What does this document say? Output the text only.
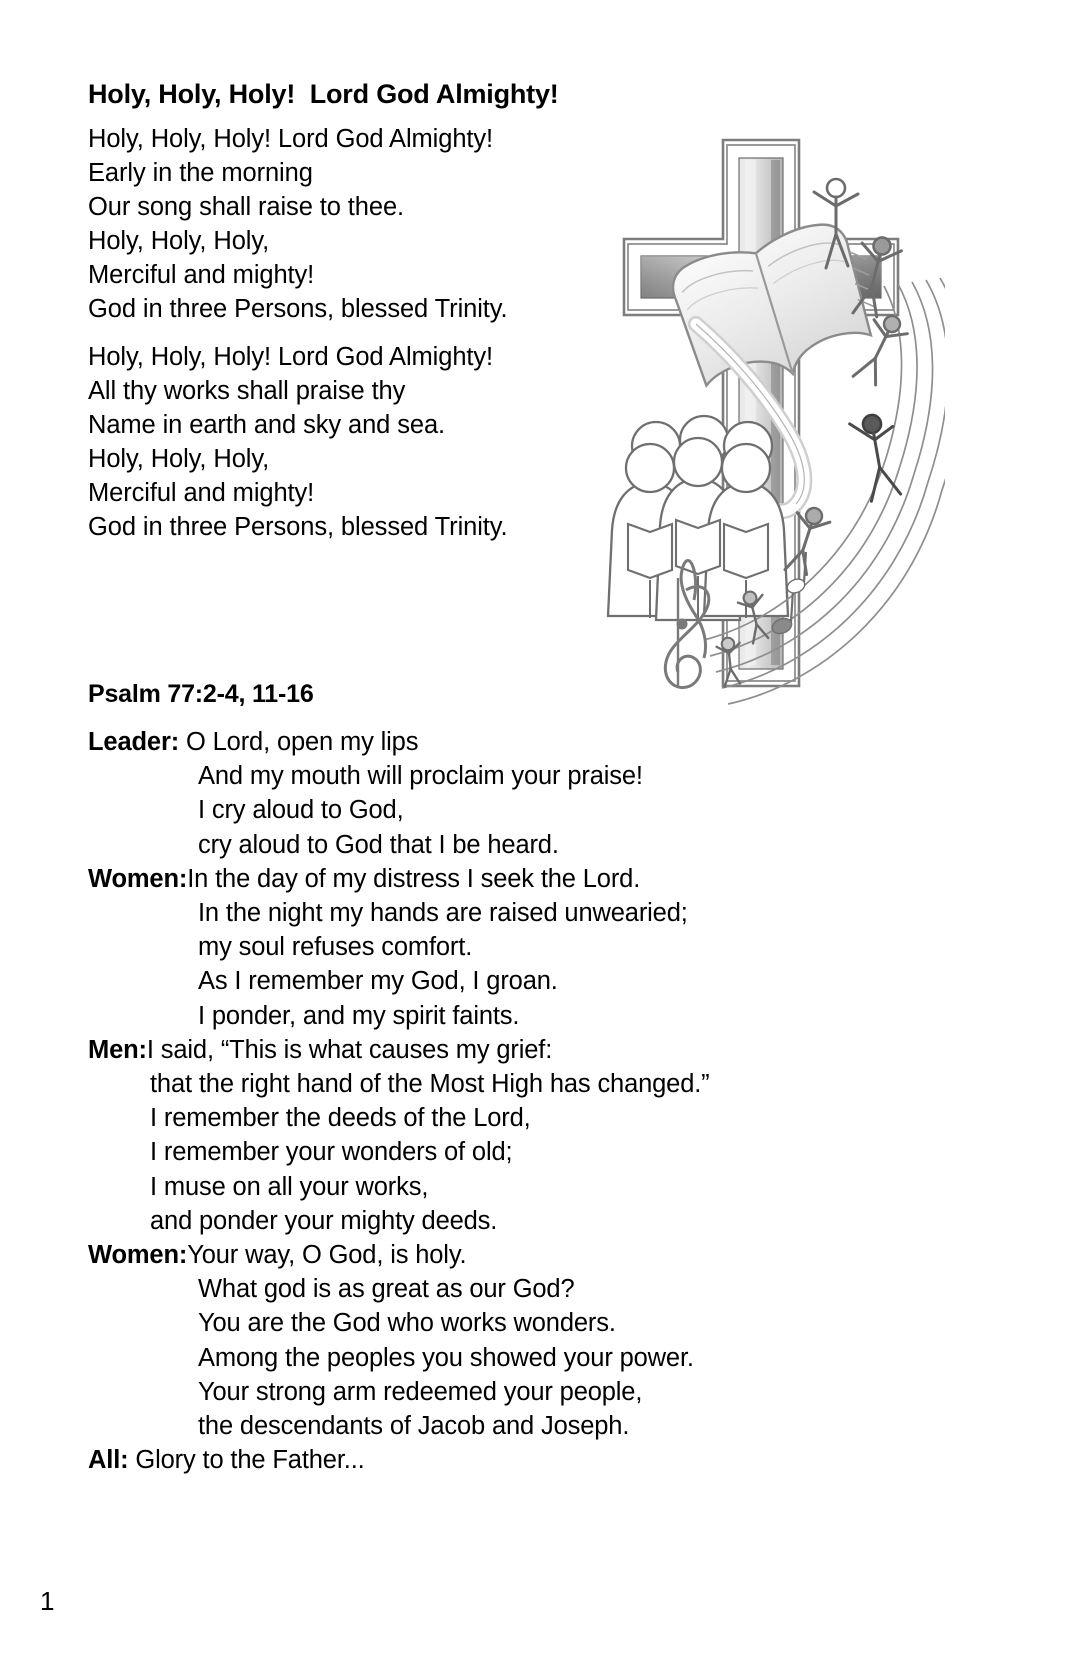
Holy, Holy, Holy!  Lord God Almighty!
Holy, Holy, Holy! Lord God Almighty!
Early in the morning
Our song shall raise to thee.
Holy, Holy, Holy,
Merciful and mighty!
God in three Persons, blessed Trinity.
Holy, Holy, Holy! Lord God Almighty!
All thy works shall praise thy
Name in earth and sky and sea.
Holy, Holy, Holy,
Merciful and mighty!
God in three Persons, blessed Trinity.
Psalm 77:2-4, 11-16
Leader: O Lord, open my lips
And my mouth will proclaim your praise!
I cry aloud to God,
cry aloud to God that I be heard.
Women: In the day of my distress I seek the Lord.
In the night my hands are raised unwearied;
my soul refuses comfort.
As I remember my God, I groan.
I ponder, and my spirit faints.
Men: I said, “This is what causes my grief:
that the right hand of the Most High has changed.”
I remember the deeds of the Lord,
I remember your wonders of old;
I muse on all your works,
and ponder your mighty deeds.
Women: Your way, O God, is holy.
What god is as great as our God?
You are the God who works wonders.
Among the peoples you showed your power.
Your strong arm redeemed your people,
the descendants of Jacob and Joseph.
All: Glory to the Father...
1
